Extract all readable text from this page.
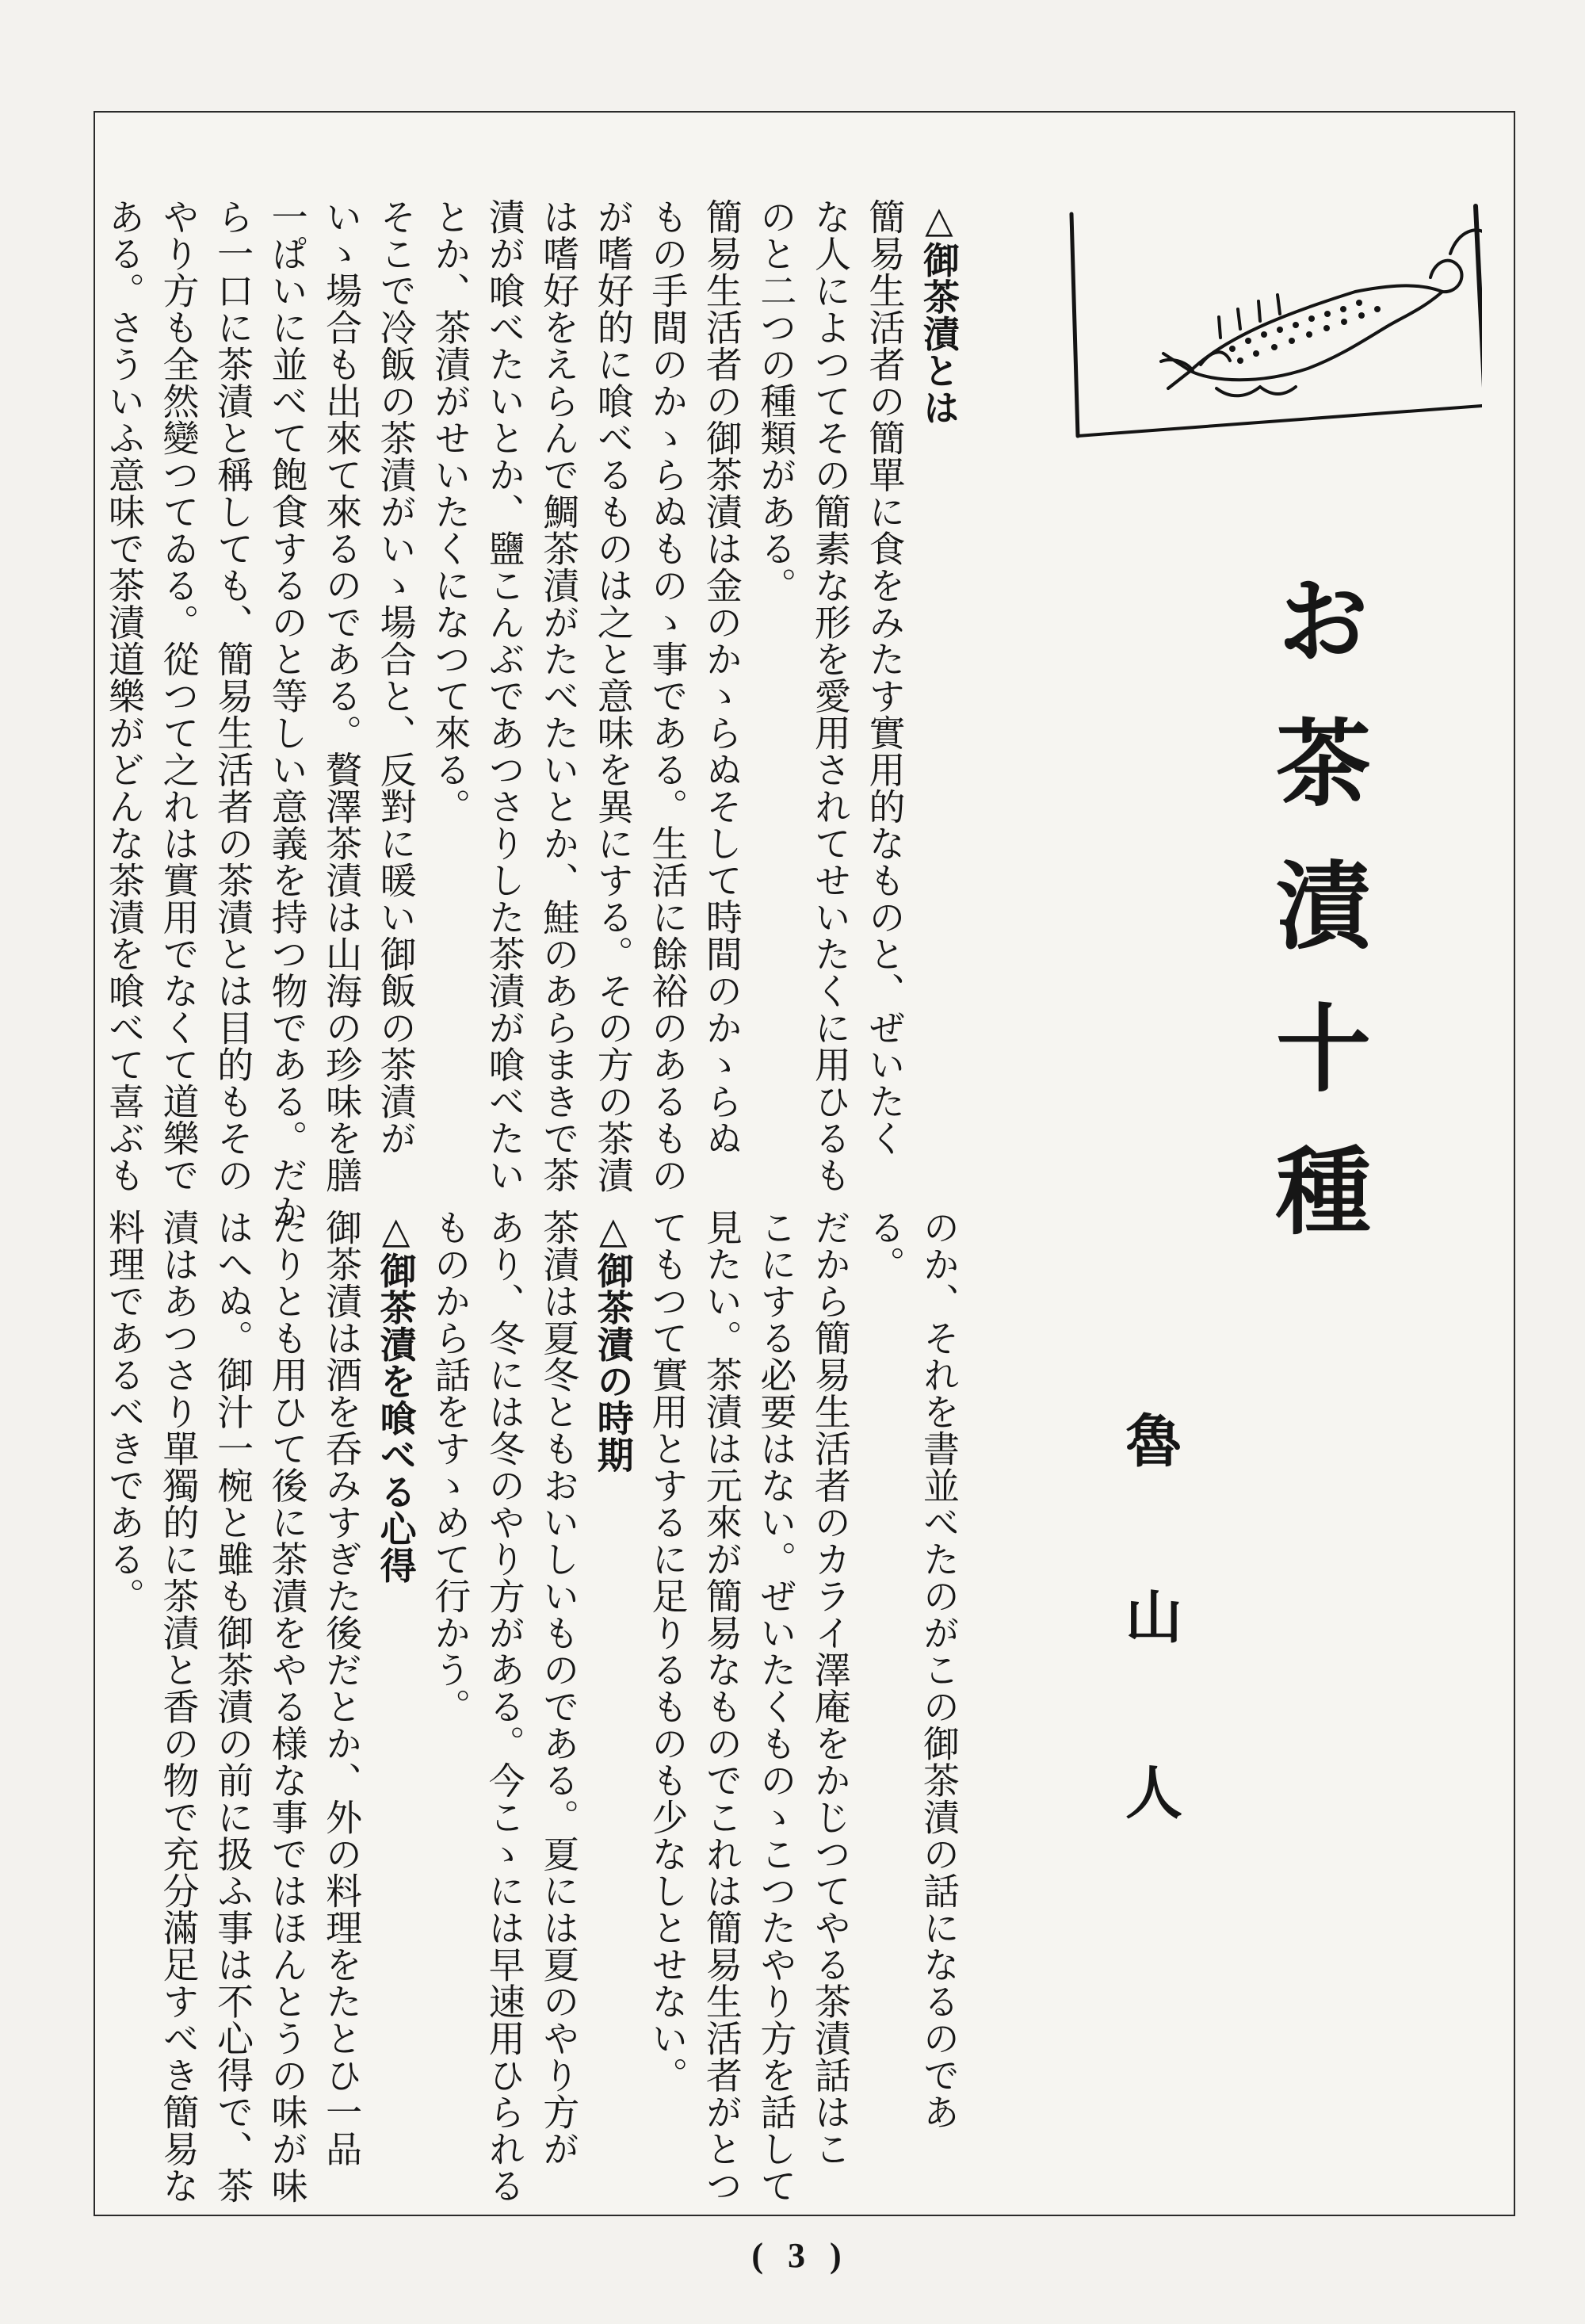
お茶漬十種
魯山人
( 3 )
△御茶漬とは
簡易生活者の簡單に食をみたす實用的なものと、ぜいたく
な人によつてその簡素な形を愛用されてせいたくに用ひるも
のと二つの種類がある。
簡易生活者の御茶漬は金のかゝらぬそして時間のかゝらぬ
もの手間のかゝらぬものゝ事である。生活に餘裕のあるもの
が嗜好的に喰べるものは之と意味を異にする。その方の茶漬
は嗜好をえらんで鯛茶漬がたべたいとか、鮭のあらまきで茶
漬が喰べたいとか、鹽こんぶであつさりした茶漬が喰べたい
とか、茶漬がせいたくになつて來る。
そこで冷飯の茶漬がいゝ場合と、反對に暖い御飯の茶漬が
いゝ場合も出來て來るのである。贅澤茶漬は山海の珍味を膳
一ぱいに並べて飽食するのと等しい意義を持つ物である。だか
ら一口に茶漬と稱しても、簡易生活者の茶漬とは目的もその
やり方も全然變つてゐる。從つて之れは實用でなくて道樂で
ある。さういふ意味で茶漬道樂がどんな茶漬を喰べて喜ぶも
のか、それを書並べたのがこの御茶漬の話になるのであ
る。
だから簡易生活者のカライ澤庵をかじつてやる茶漬話はこ
こにする必要はない。ぜいたくものゝこつたやり方を話して
見たい。茶漬は元來が簡易なものでこれは簡易生活者がとつ
てもつて實用とするに足りるものも少なしとせない。
△御茶漬の時期
茶漬は夏冬ともおいしいものである。夏には夏のやり方が
あり、冬には冬のやり方がある。今こゝには早速用ひられる
ものから話をすゝめて行かう。
△御茶漬を喰べる心得
御茶漬は酒を呑みすぎた後だとか、外の料理をたとひ一品
たりとも用ひて後に茶漬をやる様な事ではほんとうの味が味
はへぬ。御汁一椀と雖も御茶漬の前に扱ふ事は不心得で、茶
漬はあつさり單獨的に茶漬と香の物で充分滿足すべき簡易な
料理であるべきである。
